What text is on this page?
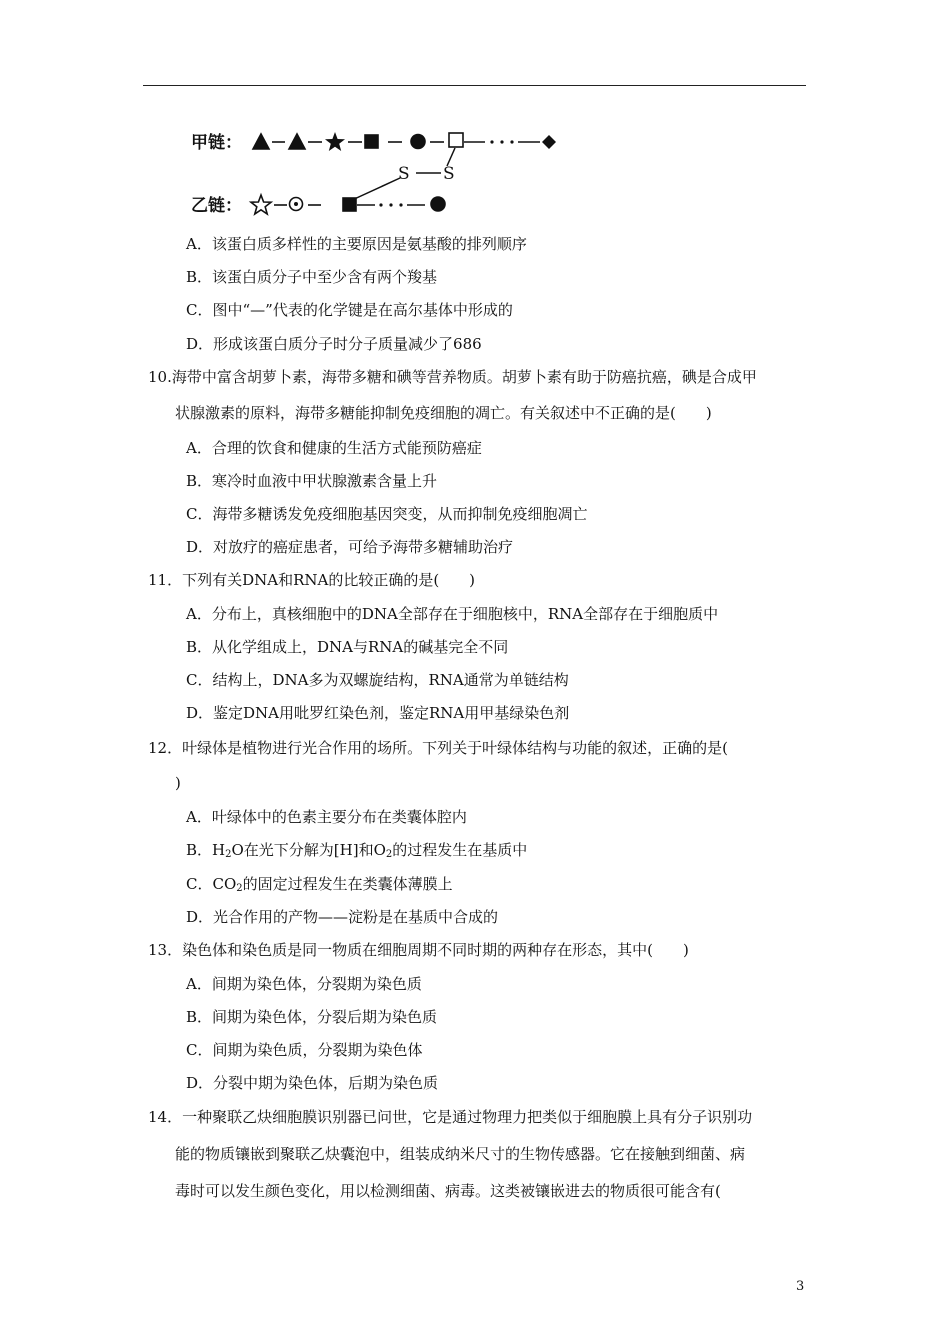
甲链：
乙链：
S S
A．该蛋白质多样性的主要原因是氨基酸的排列顺序
B．该蛋白质分子中至少含有两个羧基
C．图中“—”代表的化学键是在高尔基体中形成的
D．形成该蛋白质分子时分子质量减少了686
10.海带中富含胡萝卜素，海带多糖和碘等营养物质。胡萝卜素有助于防癌抗癌，碘是合成甲
状腺激素的原料，海带多糖能抑制免疫细胞的凋亡。有关叙述中不正确的是(　　)
A．合理的饮食和健康的生活方式能预防癌症
B．寒冷时血液中甲状腺激素含量上升
C．海带多糖诱发免疫细胞基因突变，从而抑制免疫细胞凋亡
D．对放疗的癌症患者，可给予海带多糖辅助治疗
11．下列有关DNA和RNA的比较正确的是(　　)
A．分布上，真核细胞中的DNA全部存在于细胞核中，RNA全部存在于细胞质中
B．从化学组成上，DNA与RNA的碱基完全不同
C．结构上，DNA多为双螺旋结构，RNA通常为单链结构
D．鉴定DNA用吡罗红染色剂，鉴定RNA用甲基绿染色剂
12．叶绿体是植物进行光合作用的场所。下列关于叶绿体结构与功能的叙述，正确的是(
)
A．叶绿体中的色素主要分布在类囊体腔内
B．$H_2O$在光下分解为[H]和$O_2$的过程发生在基质中
C．$CO_2$的固定过程发生在类囊体薄膜上
D．光合作用的产物——淀粉是在基质中合成的
13．染色体和染色质是同一物质在细胞周期不同时期的两种存在形态，其中(　　)
A．间期为染色体，分裂期为染色质
B．间期为染色体，分裂后期为染色质
C．间期为染色质，分裂期为染色体
D．分裂中期为染色体，后期为染色质
14．一种聚联乙炔细胞膜识别器已问世，它是通过物理力把类似于细胞膜上具有分子识别功
能的物质镶嵌到聚联乙炔囊泡中，组装成纳米尺寸的生物传感器。它在接触到细菌、病
毒时可以发生颜色变化，用以检测细菌、病毒。这类被镶嵌进去的物质很可能含有(
3
